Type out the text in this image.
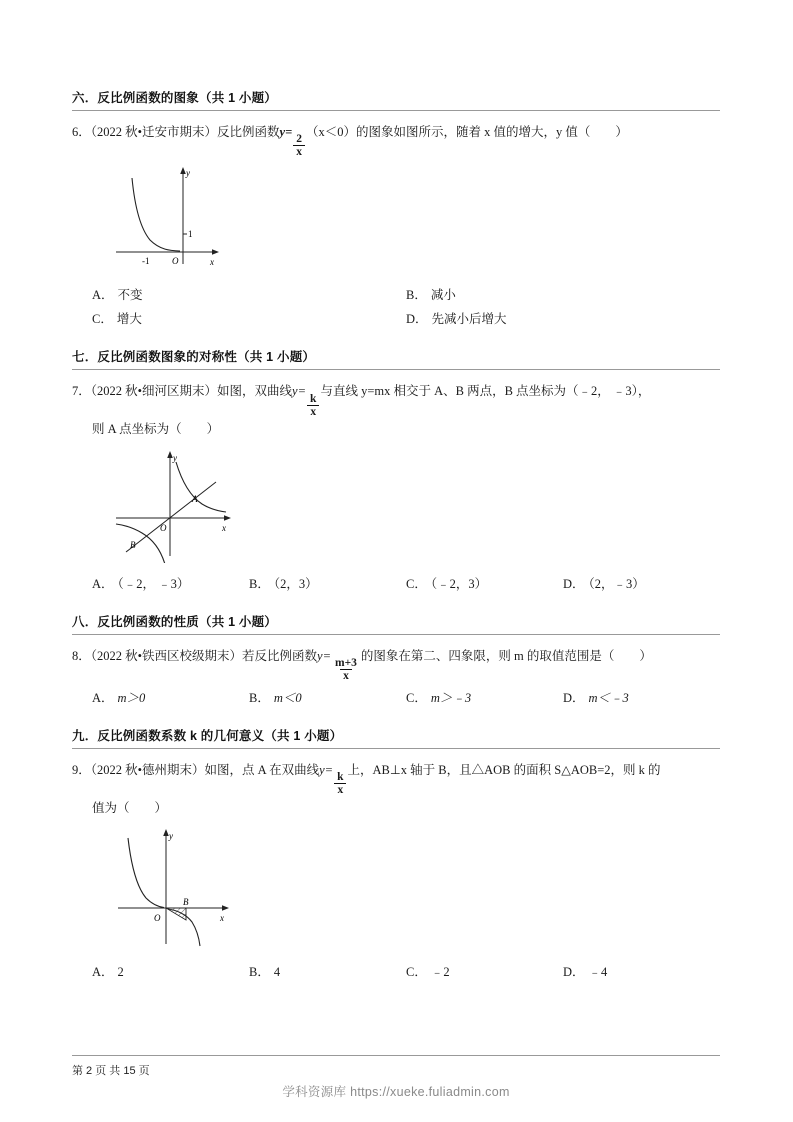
六．反比例函数的图象（共 1 小题）
6．（2022 秋•迁安市期末）反比例函数y=
$\frac{2}{x}$
（x＜0）的图象如图所示，随着 x 值的增大，y 值（　　）
1
-1
y
x
O
A． 不变	B． 减小
C． 增大	D． 先减小后增大
七．反比例函数图象的对称性（共 1 小题）
7．（2022 秋•细河区期末）如图，双曲线y=
$\frac{k}{x}$
与直线 y=mx 相交于 A、B 两点，B 点坐标为（﹣2， ﹣3），
则 A 点坐标为（　　）
y
x
O
A
B
A． （﹣2， ﹣3）	B． （2，3）	C． （﹣2，3）	D． （2，﹣3）
八．反比例函数的性质（共 1 小题）
8．（2022 秋•铁西区校级期末）若反比例函数y=
$\frac{m+3}{x}$
的图象在第二、四象限，则 m 的取值范围是（　　）
A． m＞0	B． m＜0	C． m＞﹣3	D． m＜﹣3
九．反比例函数系数 k 的几何意义（共 1 小题）
9．（2022 秋•德州期末）如图，点 A 在双曲线y=
$\frac{k}{x}$
上，AB⊥x 轴于 B，且△AOB 的面积 S△AOB=2，则 k 的
值为（　　）
y
x
O
B
A． 2	B． 4	C． ﹣2	D． ﹣4
第 2 页 共 15 页
学科资源库 https://xueke.fuliadmin.com
